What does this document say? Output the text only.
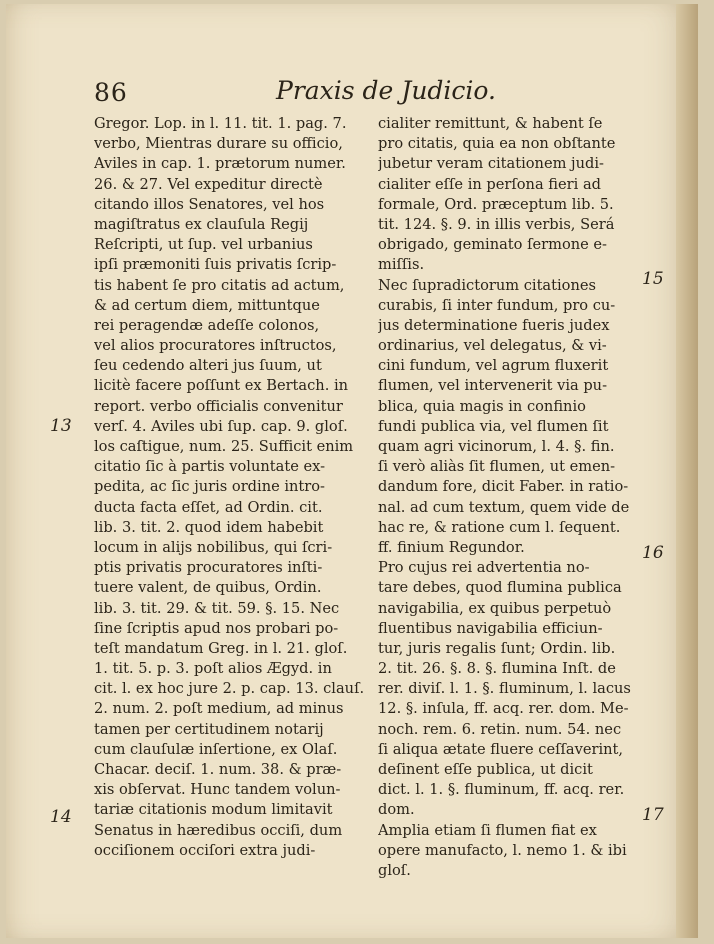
86	Praxis de Judicio.
Gregor. Lop. in l. 11. tit. 1. pag. 7.
verbo, Mientras durare su officio,
Aviles in cap. 1. prætorum numer.
26. & 27. Vel expeditur directè
citando illos Senatores, vel hos
magiſtratus ex clauſula Regij
Reſcripti, ut ſup. vel urbanius
ipſi præmoniti ſuis privatis ſcrip-
tis habent ſe pro citatis ad actum,
& ad certum diem, mittuntque
rei peragendæ adeſſe colonos,
vel alios procuratores inſtructos,
ſeu cedendo alteri jus ſuum, ut
licitè facere poſſunt ex Bertach. in
report. verbo officialis convenitur
verſ. 4. Aviles ubi ſup. cap. 9. gloſ.
los caſtigue, num. 25. Sufficit enim
citatio ſic à partis voluntate ex-
pedita, ac ſic juris ordine intro-
ducta facta eſſet, ad Ordin. cit.
lib. 3. tit. 2. quod idem habebit
locum in alijs nobilibus, qui ſcri-
ptis privatis procuratores inſti-
tuere valent, de quibus, Ordin.
lib. 3. tit. 29. & tit. 59. §. 15. Nec
ſine ſcriptis apud nos probari po-
teſt mandatum Greg. in l. 21. gloſ.
1. tit. 5. p. 3. poſt alios Ægyd. in
cit. l. ex hoc jure 2. p. cap. 13. clauſ.
2. num. 2. poſt medium, ad minus
tamen per certitudinem notarij
cum clauſulæ inſertione, ex Olaſ.
Chacar. deciſ. 1. num. 38. & præ-
xis obſervat. Hunc tandem volun-
tariæ citationis modum limitavit
Senatus in hæredibus occiſi, dum
occiſionem occiſori extra judi-
cialiter remittunt, & habent ſe
pro citatis, quia ea non obſtante
jubetur veram citationem judi-
cialiter eſſe in perſona fieri ad
formale, Ord. præceptum lib. 5.
tit. 124. §. 9. in illis verbis, Será
obrigado, geminato ſermone e-
miſſis.
Nec ſupradictorum citationes
curabis, ſi inter fundum, pro cu-
jus determinatione fueris judex
ordinarius, vel delegatus, & vi-
cini fundum, vel agrum fluxerit
flumen, vel intervenerit via pu-
blica, quia magis in confinio
fundi publica via, vel flumen ſit
quam agri vicinorum, l. 4. §. fin.
ſi verò aliàs ſit flumen, ut emen-
dandum fore, dicit Faber. in ratio-
nal. ad cum textum, quem vide de
hac re, & ratione cum l. ſequent.
ff. finium Regundor.
Pro cujus rei advertentia no-
tare debes, quod flumina publica
navigabilia, ex quibus perpetuò
fluentibus navigabilia efficiun-
tur, juris regalis ſunt; Ordin. lib.
2. tit. 26. §. 8. §. flumina Inſt. de
rer. diviſ. l. 1. §. fluminum, l. lacus
12. §. inſula, ff. acq. rer. dom. Me-
noch. rem. 6. retin. num. 54. nec
ſi aliqua ætate fluere ceſſaverint,
deſinent eſſe publica, ut dicit
dict. l. 1. §. fluminum, ff. acq. rer.
dom.
Amplia etiam ſi flumen fiat ex
opere manufacto, l. nemo 1. & ibi
gloſ.
13
14
15
16
17
